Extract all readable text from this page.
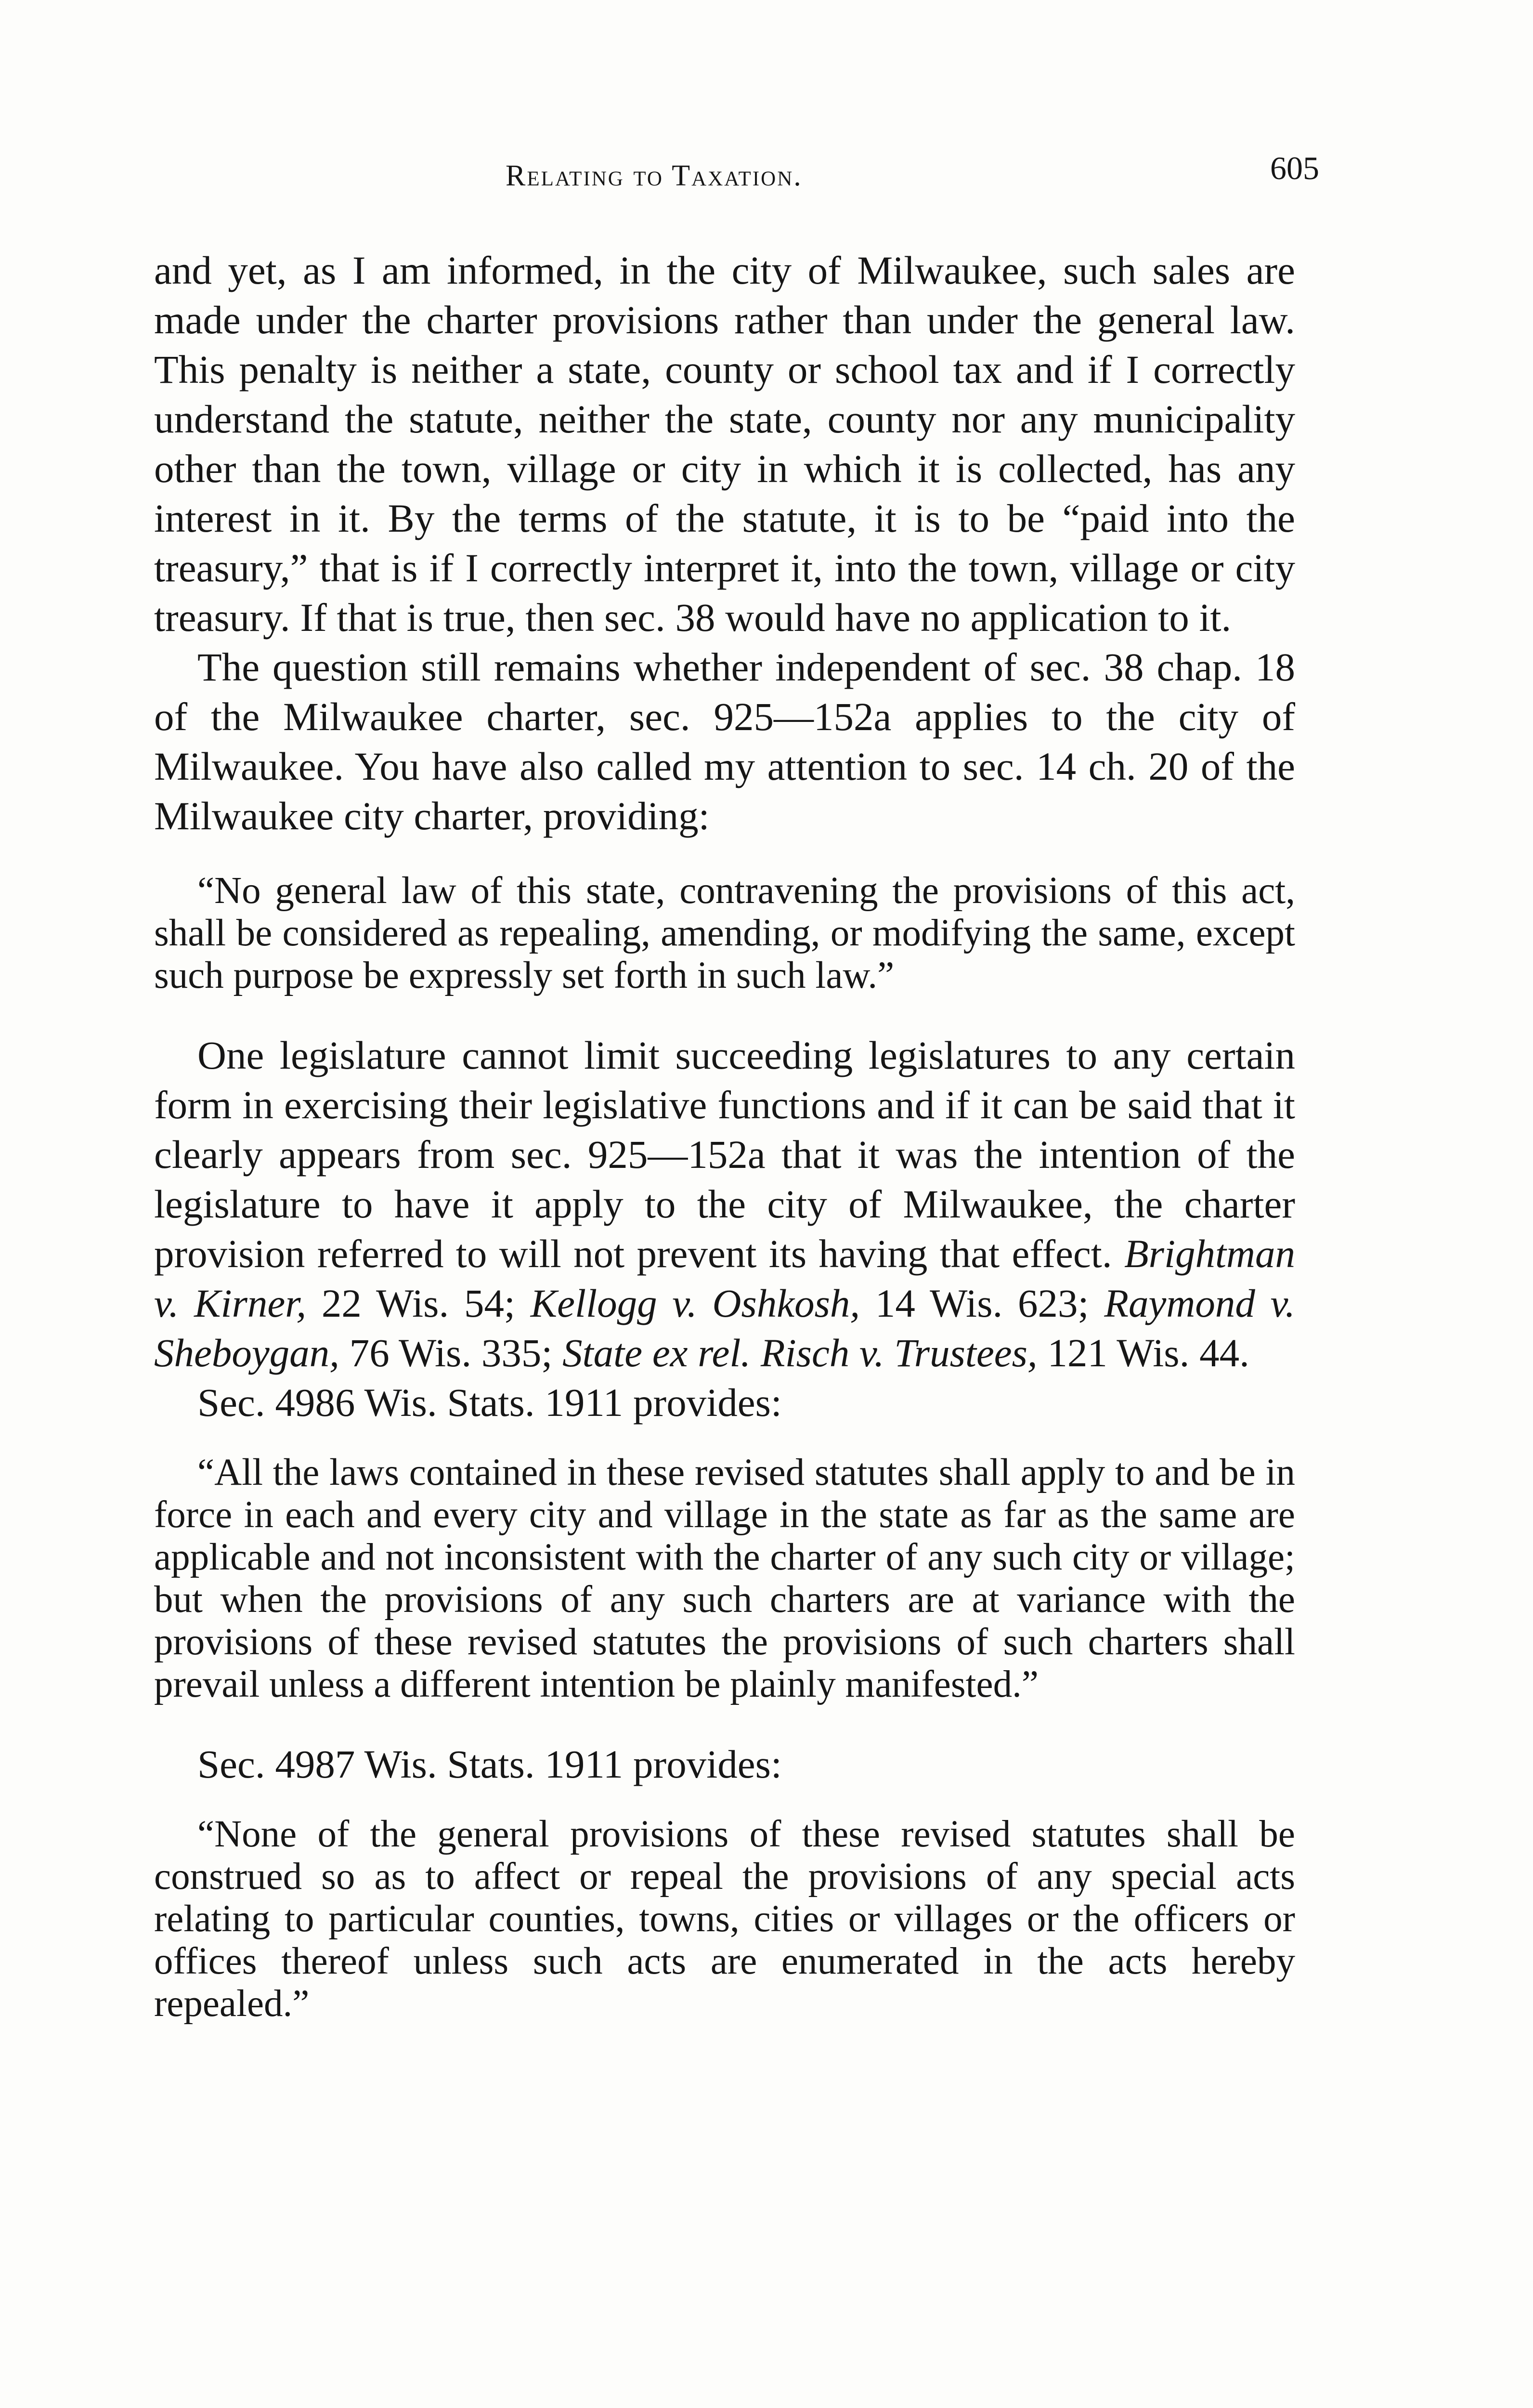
Relating to Taxation.	605

and yet, as I am informed, in the city of Milwaukee, such sales are made under the charter provisions rather than under the general law. This penalty is neither a state, county or school tax and if I correctly understand the statute, neither the state, county nor any municipality other than the town, village or city in which it is collected, has any interest in it. By the terms of the statute, it is to be “paid into the treasury,” that is if I correctly interpret it, into the town, village or city treasury. If that is true, then sec. 38 would have no application to it.

The question still remains whether independent of sec. 38 chap. 18 of the Milwaukee charter, sec. 925—152a applies to the city of Milwaukee. You have also called my attention to sec. 14 ch. 20 of the Milwaukee city charter, providing:

“No general law of this state, contravening the provisions of this act, shall be considered as repealing, amending, or modifying the same, except such purpose be expressly set forth in such law.”

One legislature cannot limit succeeding legislatures to any certain form in exercising their legislative functions and if it can be said that it clearly appears from sec. 925—152a that it was the intention of the legislature to have it apply to the city of Milwaukee, the charter provision referred to will not prevent its having that effect. Brightman v. Kirner, 22 Wis. 54; Kellogg v. Oshkosh, 14 Wis. 623; Raymond v. Sheboygan, 76 Wis. 335; State ex rel. Risch v. Trustees, 121 Wis. 44.

Sec. 4986 Wis. Stats. 1911 provides:

“All the laws contained in these revised statutes shall apply to and be in force in each and every city and village in the state as far as the same are applicable and not inconsistent with the charter of any such city or village; but when the provisions of any such charters are at variance with the provisions of these revised statutes the provisions of such charters shall prevail unless a different intention be plainly manifested.”

Sec. 4987 Wis. Stats. 1911 provides:

“None of the general provisions of these revised statutes shall be construed so as to affect or repeal the provisions of any special acts relating to particular counties, towns, cities or villages or the officers or offices thereof unless such acts are enumerated in the acts hereby repealed.”
